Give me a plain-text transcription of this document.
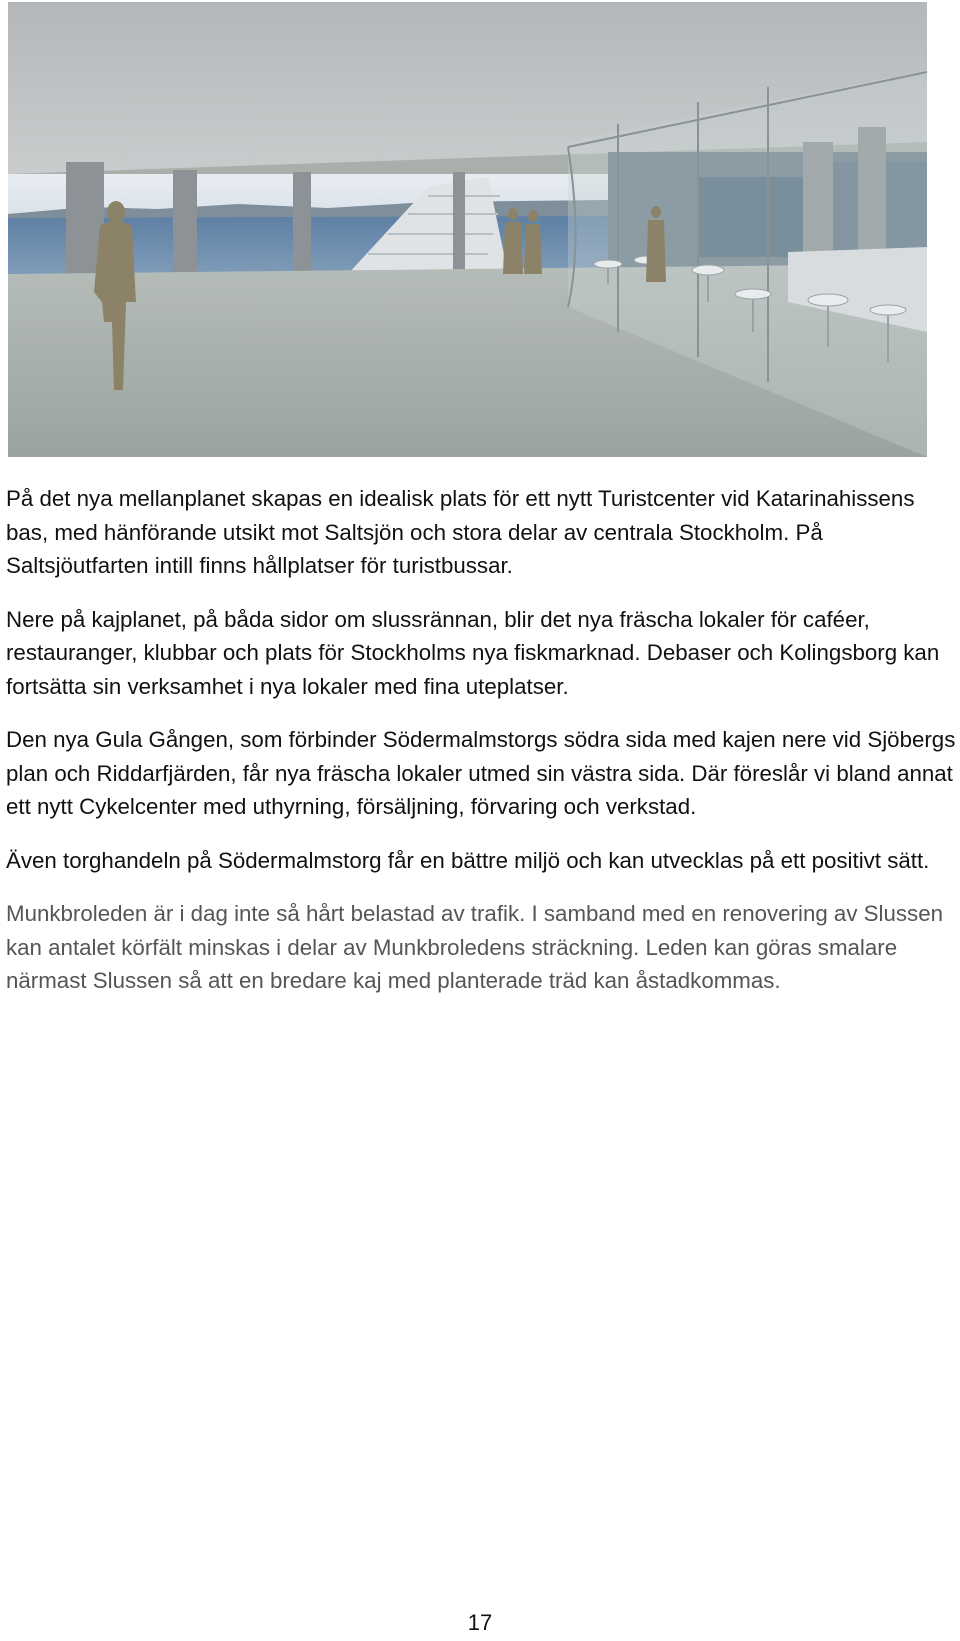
På det nya mellanplanet skapas en idealisk plats för ett nytt Turistcenter vid Katarinahissens bas, med hänförande utsikt mot Saltsjön och stora delar av centrala Stockholm. På Saltsjöutfarten intill finns hållplatser för turistbussar.

Nere på kajplanet, på båda sidor om slussrännan, blir det nya fräscha lokaler för caféer, restauranger, klubbar och plats för Stockholms nya fiskmarknad. Debaser och Kolingsborg kan fortsätta sin verksamhet i nya lokaler med fina uteplatser.

Den nya Gula Gången, som förbinder Södermalmstorgs södra sida med kajen nere vid Sjöbergs plan och Riddarfjärden, får nya fräscha lokaler utmed sin västra sida. Där föreslår vi bland annat ett nytt Cykelcenter med uthyrning, försäljning, förvaring och verkstad.

Även torghandeln på Södermalmstorg får en bättre miljö och kan utvecklas på ett positivt sätt.

Munkbroleden är i dag inte så hårt belastad av trafik. I samband med en renovering av Slussen kan antalet körfält minskas i delar av Munkbroledens sträckning. Leden kan göras smalare närmast Slussen så att en bredare kaj med planterade träd kan åstadkommas.

17
